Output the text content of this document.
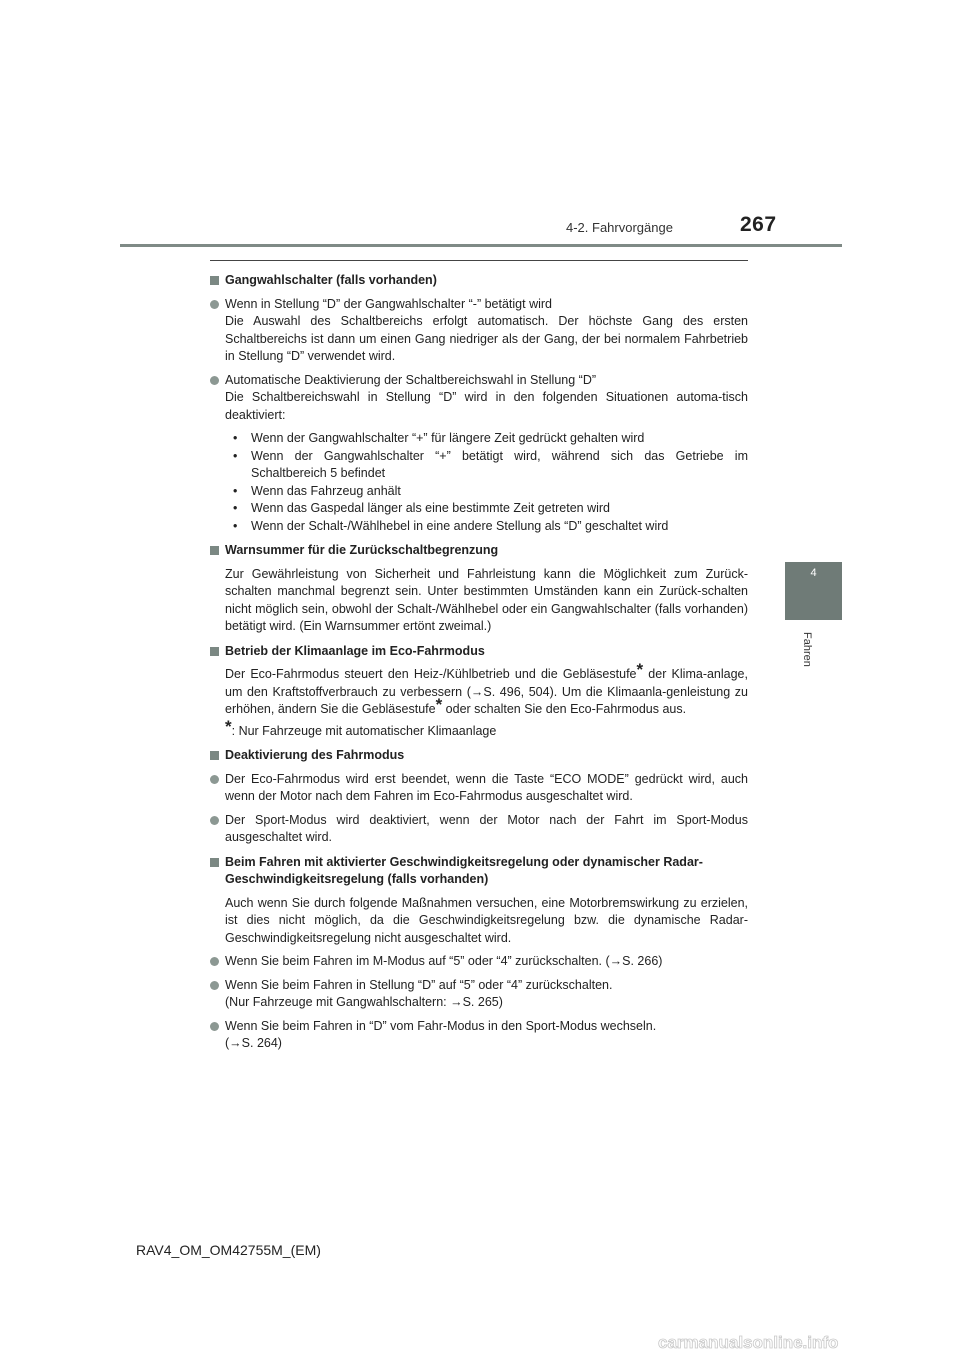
4-2. Fahrvorgänge	267
4
Fahren
Gangwahlschalter (falls vorhanden)
Wenn in Stellung “D” der Gangwahlschalter “-” betätigt wird
Die Auswahl des Schaltbereichs erfolgt automatisch. Der höchste Gang des ersten Schaltbereichs ist dann um einen Gang niedriger als der Gang, der bei normalem Fahrbetrieb in Stellung “D” verwendet wird.
Automatische Deaktivierung der Schaltbereichswahl in Stellung “D”
Die Schaltbereichswahl in Stellung “D” wird in den folgenden Situationen automa-tisch deaktiviert:
• Wenn der Gangwahlschalter “+” für längere Zeit gedrückt gehalten wird
• Wenn der Gangwahlschalter “+” betätigt wird, während sich das Getriebe im Schaltbereich 5 befindet
• Wenn das Fahrzeug anhält
• Wenn das Gaspedal länger als eine bestimmte Zeit getreten wird
• Wenn der Schalt-/Wählhebel in eine andere Stellung als “D” geschaltet wird
Warnsummer für die Zurückschaltbegrenzung
Zur Gewährleistung von Sicherheit und Fahrleistung kann die Möglichkeit zum Zurück-schalten manchmal begrenzt sein. Unter bestimmten Umständen kann ein Zurück-schalten nicht möglich sein, obwohl der Schalt-/Wählhebel oder ein Gangwahlschalter (falls vorhanden) betätigt wird. (Ein Warnsummer ertönt zweimal.)
Betrieb der Klimaanlage im Eco-Fahrmodus
Der Eco-Fahrmodus steuert den Heiz-/Kühlbetrieb und die Gebläsestufe* der Klima-anlage, um den Kraftstoffverbrauch zu verbessern (→S. 496, 504). Um die Klimaanla-genleistung zu erhöhen, ändern Sie die Gebläsestufe* oder schalten Sie den Eco-Fahrmodus aus.
*: Nur Fahrzeuge mit automatischer Klimaanlage
Deaktivierung des Fahrmodus
Der Eco-Fahrmodus wird erst beendet, wenn die Taste “ECO MODE” gedrückt wird, auch wenn der Motor nach dem Fahren im Eco-Fahrmodus ausgeschaltet wird.
Der Sport-Modus wird deaktiviert, wenn der Motor nach der Fahrt im Sport-Modus ausgeschaltet wird.
Beim Fahren mit aktivierter Geschwindigkeitsregelung oder dynamischer Radar-Geschwindigkeitsregelung (falls vorhanden)
Auch wenn Sie durch folgende Maßnahmen versuchen, eine Motorbremswirkung zu erzielen, ist dies nicht möglich, da die Geschwindigkeitsregelung bzw. die dynamische Radar-Geschwindigkeitsregelung nicht ausgeschaltet wird.
Wenn Sie beim Fahren im M-Modus auf “5” oder “4” zurückschalten. (→S. 266)
Wenn Sie beim Fahren in Stellung “D” auf “5” oder “4” zurückschalten.
(Nur Fahrzeuge mit Gangwahlschaltern: →S. 265)
Wenn Sie beim Fahren in “D” vom Fahr-Modus in den Sport-Modus wechseln.
(→S. 264)
RAV4_OM_OM42755M_(EM)
carmanualsonline.info
